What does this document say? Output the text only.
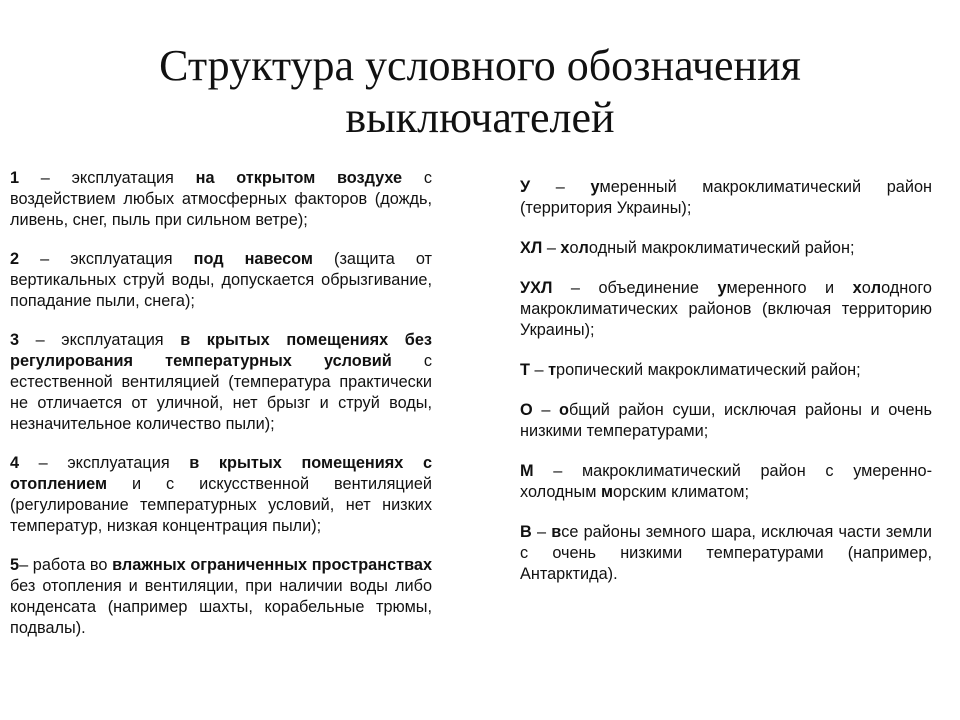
Структура условного обозначения
выключателей

1 – эксплуатация на открытом воздухе с воздействием любых атмосферных факторов (дождь, ливень, снег, пыль при сильном ветре);

2 – эксплуатация под навесом (защита от вертикальных струй воды, допускается обрызгивание, попадание пыли, снега);

3 – эксплуатация в крытых помещениях без регулирования температурных условий с естественной вентиляцией (температура практически не отличается от уличной, нет брызг и струй воды, незначительное количество пыли);

4 – эксплуатация в крытых помещениях с отоплением и с искусственной вентиляцией (регулирование температурных условий, нет низких температур, низкая концентрация пыли);

5– работа во влажных ограниченных пространствах без отопления и вентиляции, при наличии воды либо конденсата (например шахты, корабельные трюмы, подвалы).

У – умеренный макроклиматический район (территория Украины);

ХЛ – холодный макроклиматический район;

УХЛ – объединение умеренного и холодного макроклиматических районов (включая территорию Украины);

Т – тропический макроклиматический район;

О – общий район суши, исключая районы и очень низкими температурами;

М – макроклиматический район с умеренно-холодным морским климатом;

В – все районы земного шара, исключая части земли с очень низкими температурами (например, Антарктида).
